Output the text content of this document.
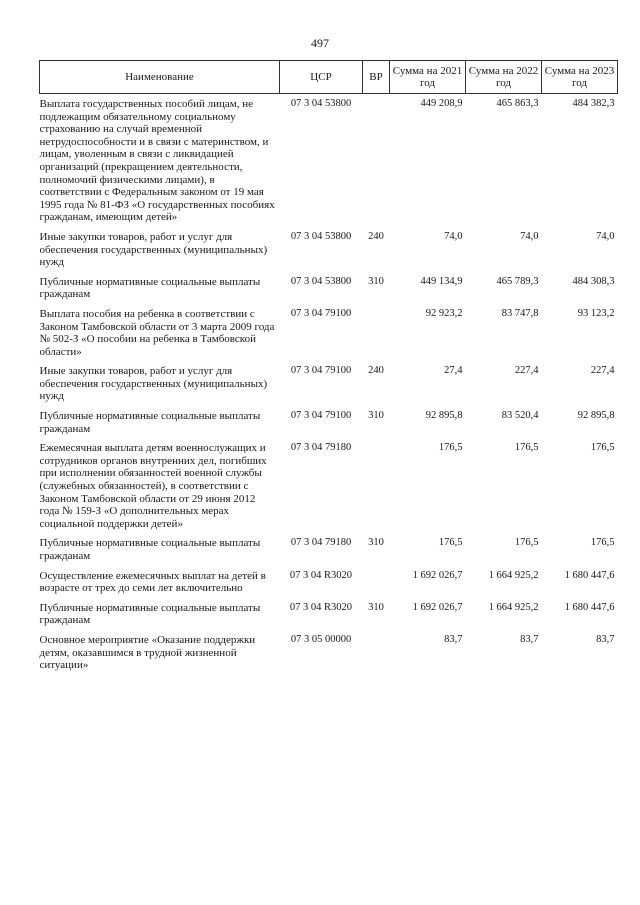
497
Наименование	ЦСР	ВР	Сумма на 2021 год	Сумма на 2022 год	Сумма на 2023 год
Выплата государственных пособий лицам, не подлежащим обязательному социальному страхованию на случай временной нетрудоспособности и в связи с материнством, и лицам, уволенным в связи с ликвидацией организаций (прекращением деятельности, полномочий физическими лицами), в соответствии с Федеральным законом от 19 мая 1995 года № 81-ФЗ «О государственных пособиях гражданам, имеющим детей»	07 3 04 53800		449 208,9	465 863,3	484 382,3
Иные закупки товаров, работ и услуг для обеспечения государственных (муниципальных) нужд	07 3 04 53800	240	74,0	74,0	74,0
Публичные нормативные социальные выплаты гражданам	07 3 04 53800	310	449 134,9	465 789,3	484 308,3
Выплата пособия на ребенка в соответствии с Законом Тамбовской области от 3 марта 2009 года № 502-З «О пособии на ребенка в Тамбовской области»	07 3 04 79100		92 923,2	83 747,8	93 123,2
Иные закупки товаров, работ и услуг для обеспечения государственных (муниципальных) нужд	07 3 04 79100	240	27,4	227,4	227,4
Публичные нормативные социальные выплаты гражданам	07 3 04 79100	310	92 895,8	83 520,4	92 895,8
Ежемесячная выплата детям военнослужащих и сотрудников органов внутренних дел, погибших при исполнении обязанностей военной службы (служебных обязанностей), в соответствии с Законом Тамбовской области от 29 июня 2012 года № 159-З «О дополнительных мерах социальной поддержки детей»	07 3 04 79180		176,5	176,5	176,5
Публичные нормативные социальные выплаты гражданам	07 3 04 79180	310	176,5	176,5	176,5
Осуществление ежемесячных выплат на детей в возрасте от трех до семи лет включительно	07 3 04 R3020		1 692 026,7	1 664 925,2	1 680 447,6
Публичные нормативные социальные выплаты гражданам	07 3 04 R3020	310	1 692 026,7	1 664 925,2	1 680 447,6
Основное мероприятие «Оказание поддержки детям, оказавшимся в трудной жизненной ситуации»	07 3 05 00000		83,7	83,7	83,7
